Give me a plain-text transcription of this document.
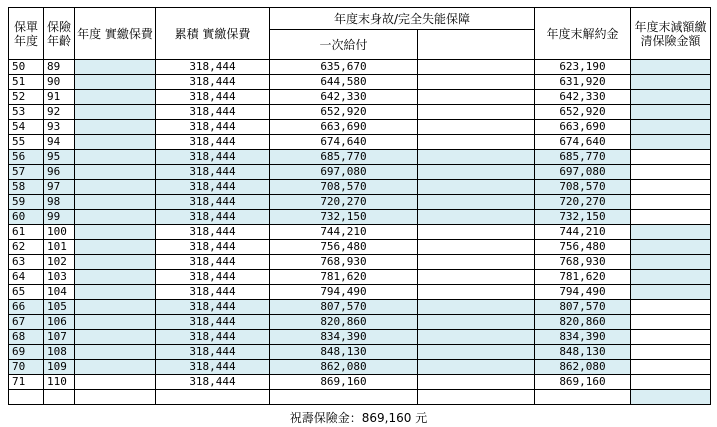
保單年度	保險年齡	年度 實繳保費	累積 實繳保費	年度末身故/完全失能保障		年度末解約金	年度末減額繳清保險金額
				一次給付			
50	89		318,444	635,670		623,190	
51	90		318,444	644,580		631,920	
52	91		318,444	642,330		642,330	
53	92		318,444	652,920		652,920	
54	93		318,444	663,690		663,690	
55	94		318,444	674,640		674,640	
56	95		318,444	685,770		685,770	
57	96		318,444	697,080		697,080	
58	97		318,444	708,570		708,570	
59	98		318,444	720,270		720,270	
60	99		318,444	732,150		732,150	
61	100		318,444	744,210		744,210	
62	101		318,444	756,480		756,480	
63	102		318,444	768,930		768,930	
64	103		318,444	781,620		781,620	
65	104		318,444	794,490		794,490	
66	105		318,444	807,570		807,570	
67	106		318,444	820,860		820,860	
68	107		318,444	834,390		834,390	
69	108		318,444	848,130		848,130	
70	109		318,444	862,080		862,080	
71	110		318,444	869,160		869,160	

祝壽保險金：869,160 元
